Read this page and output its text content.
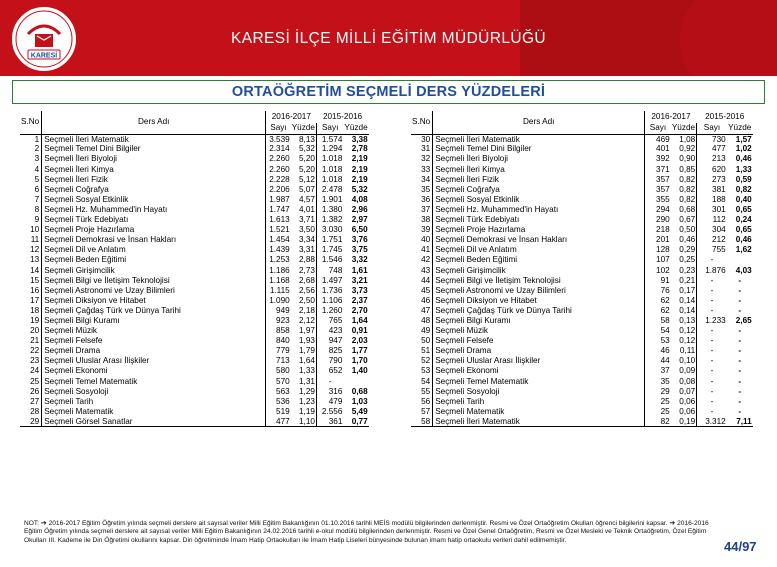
KARESİ İLÇE MİLLİ EĞİTİM MÜDÜRLÜĞÜ
KARESİ
ORTAÖĞRETİM SEÇMELİ DERS YÜZDELERİ
S.No	Ders Adı	2016-2017		2015-2016	
		Sayı	Yüzde	Sayı	Yüzde
1	Seçmeli İleri Matematik	3.539	8,13	1.574	3,38
2	Seçmeli Temel Dini Bilgiler	2.314	5,32	1.294	2,78
3	Seçmeli İleri Biyoloji	2.260	5,20	1.018	2,19
4	Seçmeli İleri Kimya	2.260	5,20	1.018	2,19
5	Seçmeli İleri Fizik	2.228	5,12	1.018	2,19
6	Seçmeli Coğrafya	2.206	5,07	2.478	5,32
7	Seçmeli Sosyal Etkinlik	1.987	4,57	1.901	4,08
8	Seçmeli Hz. Muhammed'in Hayatı	1.747	4,01	1.380	2,96
9	Seçmeli Türk Edebiyatı	1.613	3,71	1.382	2,97
10	Seçmeli Proje Hazırlama	1.521	3,50	3.030	6,50
11	Seçmeli Demokrasi ve İnsan Hakları	1.454	3,34	1.751	3,76
12	Seçmeli Dil ve Anlatım	1.439	3,31	1.745	3,75
13	Seçmeli Beden Eğitimi	1.253	2,88	1.546	3,32
14	Seçmeli Girişimcilik	1.186	2,73	748	1,61
15	Seçmeli Bilgi ve İletişim Teknolojisi	1.168	2,68	1.497	3,21
16	Seçmeli Astronomi ve Uzay Bilimleri	1.115	2,56	1.736	3,73
17	Seçmeli Diksiyon ve Hitabet	1.090	2,50	1.106	2,37
18	Seçmeli Çağdaş Türk ve Dünya Tarihi	949	2,18	1.260	2,70
19	Seçmeli Bilgi Kuramı	923	2,12	765	1,64
20	Seçmeli Müzik	858	1,97	423	0,91
21	Seçmeli Felsefe	840	1,93	947	2,03
22	Seçmeli Drama	779	1,79	825	1,77
23	Seçmeli Uluslar Arası İlişkiler	713	1,64	790	1,70
24	Seçmeli Ekonomi	580	1,33	652	1,40
25	Seçmeli Temel Matematik	570	1,31	-	
26	Seçmeli Sosyoloji	563	1,29	316	0,68
27	Seçmeli Tarih	536	1,23	479	1,03
28	Seçmeli Matematik	519	1,19	2.556	5,49
29	Seçmeli Görsel Sanatlar	477	1,10	361	0,77
S.No	Ders Adı	2016-2017		2015-2016	
		Sayı	Yüzde	Sayı	Yüzde
30	Seçmeli İleri Matematik	469	1,08	730	1,57
31	Seçmeli Temel Dini Bilgiler	401	0,92	477	1,02
32	Seçmeli İleri Biyoloji	392	0,90	213	0,46
33	Seçmeli İleri Kimya	371	0,85	620	1,33
34	Seçmeli İleri Fizik	357	0,82	273	0,59
35	Seçmeli Coğrafya	357	0,82	381	0,82
36	Seçmeli Sosyal Etkinlik	355	0,82	188	0,40
37	Seçmeli Hz. Muhammed'in Hayatı	294	0,68	301	0,65
38	Seçmeli Türk Edebiyatı	290	0,67	112	0,24
39	Seçmeli Proje Hazırlama	218	0,50	304	0,65
40	Seçmeli Demokrasi ve İnsan Hakları	201	0,46	212	0,46
41	Seçmeli Dil ve Anlatım	128	0,29	755	1,62
42	Seçmeli Beden Eğitimi	107	0,25	-	
43	Seçmeli Girişimcilik	102	0,23	1.876	4,03
44	Seçmeli Bilgi ve İletişim Teknolojisi	91	0,21	-	-
45	Seçmeli Astronomi ve Uzay Bilimleri	76	0,17	-	-
46	Seçmeli Diksiyon ve Hitabet	62	0,14	-	-
47	Seçmeli Çağdaş Türk ve Dünya Tarihi	62	0,14	-	-
48	Seçmeli Bilgi Kuramı	58	0,13	1.233	2,65
49	Seçmeli Müzik	54	0,12	-	-
50	Seçmeli Felsefe	53	0,12	-	-
51	Seçmeli Drama	46	0,11	-	-
52	Seçmeli Uluslar Arası İlişkiler	44	0,10	-	-
53	Seçmeli Ekonomi	37	0,09	-	-
54	Seçmeli Temel Matematik	35	0,08	-	-
55	Seçmeli Sosyoloji	29	0,07	-	-
56	Seçmeli Tarih	25	0,06	-	-
57	Seçmeli Matematik	25	0,06	-	-
58	Seçmeli İleri Matematik	82	0,19	3.312	7,11
NOT: ➔ 2016-2017 Eğitim Öğretim yılında seçmeli derslere ait sayısal veriler Milli Eğitim Bakanlığının 01.10.2016 tarihli MEİS modülü bilgilerinden derlenmiştir. Resmi ve Özel Ortaöğretim Okulları öğrenci bilgilerini kapsar. ➔ 2016-2016 Eğitim Öğretim yılında seçmeli derslere ait sayısal veriler Milli Eğitim Bakanlığının 24.02.2016 tarihli e-okul modülü bilgilerinden derlenmiştir. Resmi ve Özel Genel Ortaöğretim, Resmi ve Özel Mesleki ve Teknik Ortaöğretim, Özel Eğitim Okulları III. Kademe ile Din Öğretimi okullarını kapsar. Din öğretiminde İmam Hatip Ortaokulları ile İmam Hatip Liseleri bünyesinde bulunan imam hatip ortaokulu verileri dahil edilmemiştir.	44/97
